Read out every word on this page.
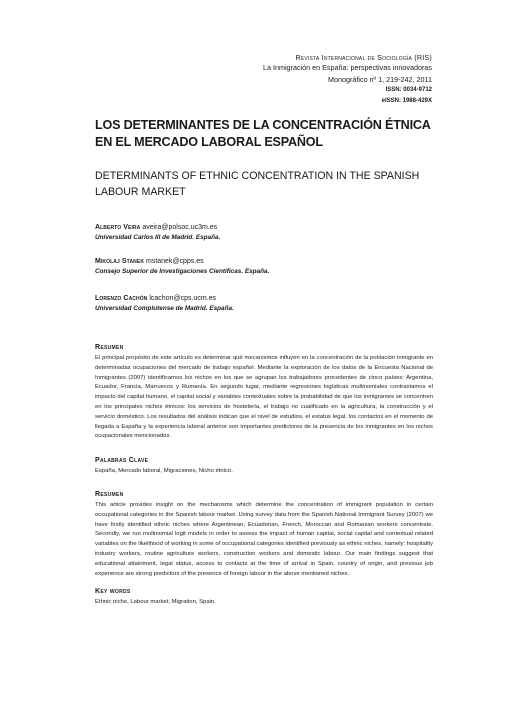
Revista Internacional de Sociología (RIS)
La Inmigración en España: perspectivas innovadoras
Monográfico nº 1, 219-242, 2011
ISSN: 0034-9712
eISSN: 1988-429X
LOS DETERMINANTES DE LA CONCENTRACIÓN ÉTNICA EN EL MERCADO LABORAL ESPAÑOL
DETERMINANTS OF ETHNIC CONCENTRATION IN THE SPANISH LABOUR MARKET
Alberto Veira aveira@polsoc.uc3m.es
Universidad Carlos III de Madrid. España.
Mikolaj Stanek mstanek@cpps.es
Consejo Superior de Investigaciones Científicas. España.
Lorenzo Cachón lcachon@cps.ucm.es
Universidad Complutense de Madrid. España.
Resumen
El principal propósito de este artículo es determinar qué mecanismos influyen en la concentración de la población inmigrante en determinadas ocupaciones del mercado de trabajo español. Mediante la exploración de los datos de la Encuesta Nacional de Inmigrantes (2007) identificamos los nichos en los que se agrupan los trabajadores procedentes de cinco países: Argentina, Ecuador, Francia, Marruecos y Rumanía. En segundo lugar, mediante regresiones logísticas multinomiales contrastamos el impacto del capital humano, el capital social y variables contextuales sobre la probabilidad de que los inmigrantes se concentren en los principales nichos étnicos: los servicios de hostelería, el trabajo no cualificado en la agricultura, la construcción y el servicio doméstico. Los resultados del análisis indican que el nivel de estudios, el estatus legal, los contactos en el momento de llegada a España y la experiencia laboral anterior son importantes predictores de la presencia de los inmigrantes en los nichos ocupacionales mencionados.
Palabras Clave
España, Mercado laboral, Migraciones, Nicho étnico.
Resumen
This article provides insight on the mechanisms which determine the concentration of immigrant population in certain occupational categories in the Spanish labour market. Using survey data from the Spanish National Immigrant Survey (2007) we have firstly identified ethnic niches where Argentinean, Ecuadorian, French, Moroccan and Romanian workers concentrate. Secondly, we run multinomial logit models in order to assess the impact of human capital, social capital and contextual related variables on the likelihood of working in some of occupational categories identified previously as ethnic niches, namely: hospitality industry workers, routine agriculture workers, construction workers and domestic labour. Our main findings suggest that educational attainment, legal status, access to contacts at the time of arrival in Spain, country of origin, and previous job experience are strong predictors of the presence of foreign labour in the above mentioned niches.
Key words
Ethnic niche, Labour market, Migration, Spain.
